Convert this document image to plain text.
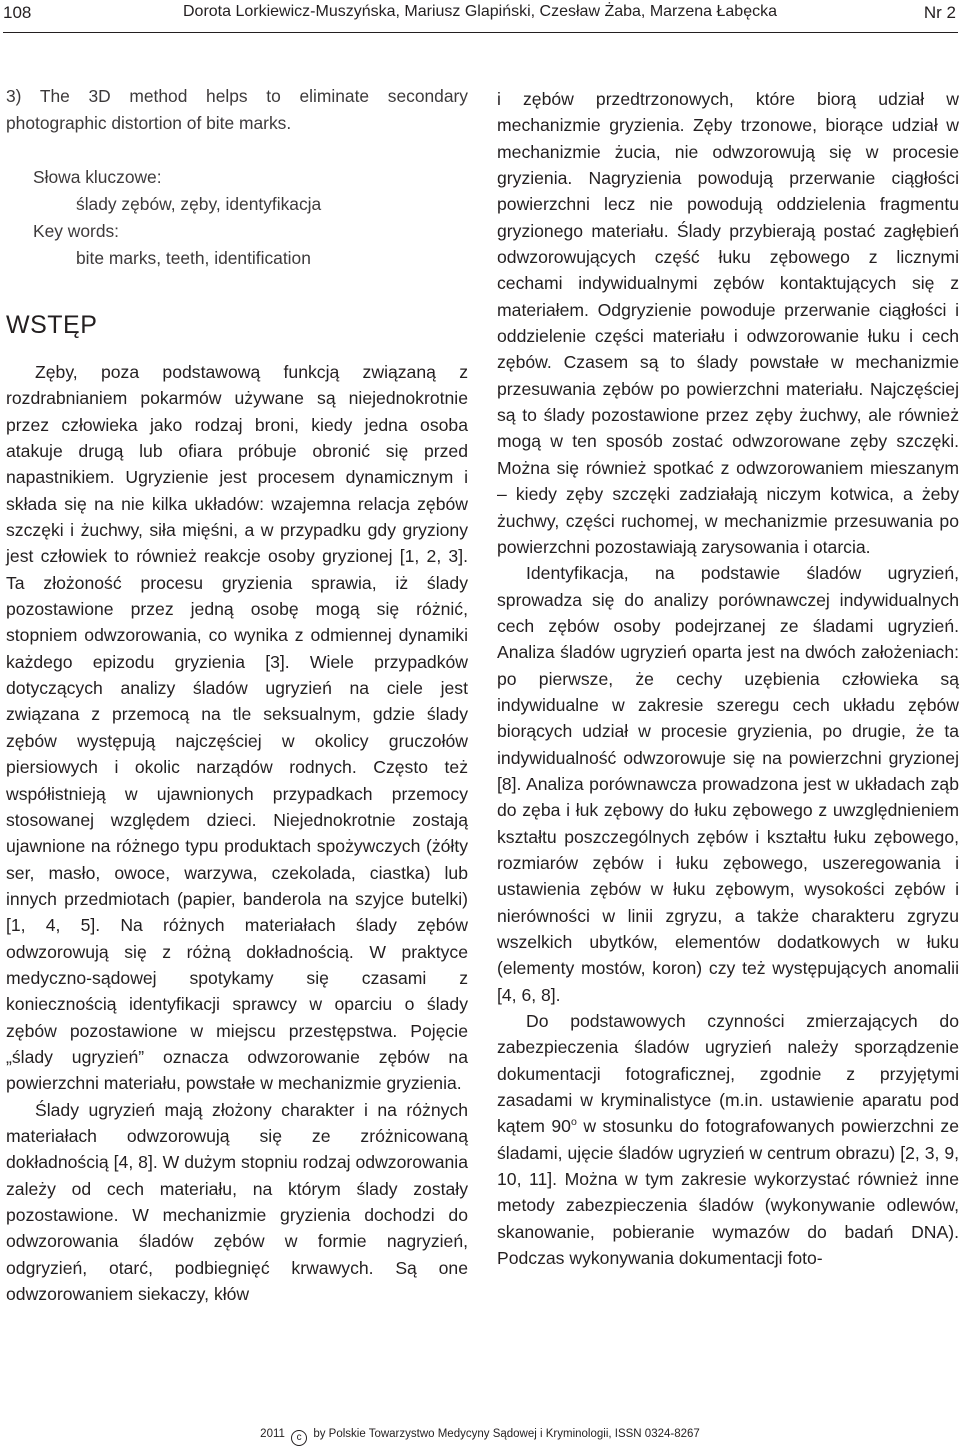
108	Dorota Lorkiewicz-Muszyńska, Mariusz Glapiński, Czesław Żaba, Marzena Łabęcka	Nr 2

3) The 3D method helps to eliminate secondary photographic distortion of bite marks.

Słowa kluczowe:
ślady zębów, zęby, identyfikacja
Key words:
bite marks, teeth, identification
WSTĘP

Zęby, poza podstawową funkcją związaną z rozdrabnianiem pokarmów używane są niejednokrotnie przez człowieka jako rodzaj broni, kiedy jedna osoba atakuje drugą lub ofiara próbuje obronić się przed napastnikiem. Ugryzienie jest procesem dynamicznym i składa się na nie kilka układów: wzajemna relacja zębów szczęki i żuchwy, siła mięśni, a w przypadku gdy gryziony jest człowiek to również reakcje osoby gryzionej [1, 2, 3]. Ta złożoność procesu gryzienia sprawia, iż ślady pozostawione przez jedną osobę mogą się różnić, stopniem odwzorowania, co wynika z odmiennej dynamiki każdego epizodu gryzienia [3]. Wiele przypadków dotyczących analizy śladów ugryzień na ciele jest związana z przemocą na tle seksualnym, gdzie ślady zębów występują najczęściej w okolicy gruczołów piersiowych i okolic narządów rodnych. Często też współistnieją w ujawnionych przypadkach przemocy stosowanej względem dzieci. Niejednokrotnie zostają ujawnione na różnego typu produktach spożywczych (żółty ser, masło, owoce, warzywa, czekolada, ciastka) lub innych przedmiotach (papier, banderola na szyjce butelki) [1, 4, 5]. Na różnych materiałach ślady zębów odwzorowują się z różną dokładnością. W praktyce medyczno-sądowej spotykamy się czasami z koniecznością identyfikacji sprawcy w oparciu o ślady zębów pozostawione w miejscu przestępstwa. Pojęcie „ślady ugryzień” oznacza odwzorowanie zębów na powierzchni materiału, powstałe w mechanizmie gryzienia.

Ślady ugryzień mają złożony charakter i na różnych materiałach odwzorowują się ze zróżnicowaną dokładnością [4, 8]. W dużym stopniu rodzaj odwzorowania zależy od cech materiału, na którym ślady zostały pozostawione. W mechanizmie gryzienia dochodzi do odwzorowania śladów zębów w formie nagryzień, odgryzień, otarć, podbiegnięć krwawych. Są one odwzorowaniem siekaczy, kłów

i zębów przedtrzonowych, które biorą udział w mechanizmie gryzienia. Zęby trzonowe, biorące udział w mechanizmie żucia, nie odwzorowują się w procesie gryzienia. Nagryzienia powodują przerwanie ciągłości powierzchni lecz nie powodują oddzielenia fragmentu gryzionego materiału. Ślady przybierają postać zagłębień odwzorowujących część łuku zębowego z licznymi cechami indywidualnymi zębów kontaktujących się z materiałem. Odgryzienie powoduje przerwanie ciągłości i oddzielenie części materiału i odwzorowanie łuku i cech zębów. Czasem są to ślady powstałe w mechanizmie przesuwania zębów po powierzchni materiału. Najczęściej są to ślady pozostawione przez zęby żuchwy, ale również mogą w ten sposób zostać odwzorowane zęby szczęki. Można się również spotkać z odwzorowaniem mieszanym – kiedy zęby szczęki zadziałają niczym kotwica, a żeby żuchwy, części ruchomej, w mechanizmie przesuwania po powierzchni pozostawiają zarysowania i otarcia.

Identyfikacja, na podstawie śladów ugryzień, sprowadza się do analizy porównawczej indywidualnych cech zębów osoby podejrzanej ze śladami ugryzień. Analiza śladów ugryzień oparta jest na dwóch założeniach: po pierwsze, że cechy uzębienia człowieka są indywidualne w zakresie szeregu cech układu zębów biorących udział w procesie gryzienia, po drugie, że ta indywidualność odwzorowuje się na powierzchni gryzionej [8]. Analiza porównawcza prowadzona jest w układach ząb do zęba i łuk zębowy do łuku zębowego z uwzględnieniem kształtu poszczególnych zębów i kształtu łuku zębowego, rozmiarów zębów i łuku zębowego, uszeregowania i ustawienia zębów w łuku zębowym, wysokości zębów i nierówności w linii zgryzu, a także charakteru zgryzu wszelkich ubytków, elementów dodatkowych w łuku (elementy mostów, koron) czy też występujących anomalii [4, 6, 8].

Do podstawowych czynności zmierzających do zabezpieczenia śladów ugryzień należy sporządzenie dokumentacji fotograficznej, zgodnie z przyjętymi zasadami w kryminalistyce (m.in. ustawienie aparatu pod kątem 90$^o$ w stosunku do fotografowanych powierzchni ze śladami, ujęcie śladów ugryzień w centrum obrazu) [2, 3, 9, 10, 11]. Można w tym zakresie wykorzystać również inne metody zabezpieczenia śladów (wykonywanie odlewów, skanowanie, pobieranie wymazów do badań DNA). Podczas wykonywania dokumentacji foto-

2011 c by Polskie Towarzystwo Medycyny Sądowej i Kryminologii, ISSN 0324-8267
